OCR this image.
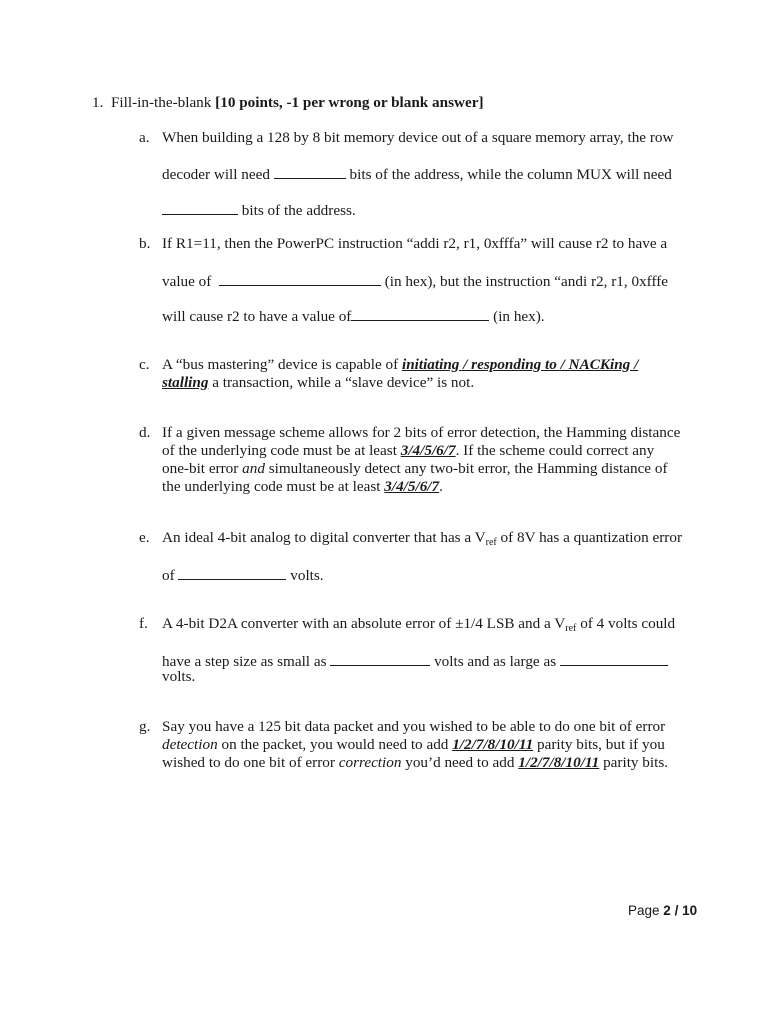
1. Fill-in-the-blank [10 points, -1 per wrong or blank answer]
a. When building a 128 by 8 bit memory device out of a square memory array, the row
decoder will need	bits of the address, while the column MUX will need
bits of the address.
b. If R1=11, then the PowerPC instruction “addi r2, r1, 0xfffa” will cause r2 to have a
value of	(in hex), but the instruction “andi r2, r1, 0xfffe
will cause r2 to have a value of	(in hex).
c. A “bus mastering” device is capable of initiating / responding to / NACKing /
stalling a transaction, while a “slave device” is not.
d. If a given message scheme allows for 2 bits of error detection, the Hamming distance
of the underlying code must be at least 3/4/5/6/7. If the scheme could correct any
one-bit error and simultaneously detect any two-bit error, the Hamming distance of
the underlying code must be at least 3/4/5/6/7.
e. An ideal 4-bit analog to digital converter that has a $V_{ref}$ of 8V has a quantization error
of	volts.
f. A 4-bit D2A converter with an absolute error of ±1/4 LSB and a $V_{ref}$ of 4 volts could
have a step size as small as	volts and as large as
volts.
g. Say you have a 125 bit data packet and you wished to be able to do one bit of error
detection on the packet, you would need to add 1/2/7/8/10/11 parity bits, but if you
wished to do one bit of error correction you’d need to add 1/2/7/8/10/11 parity bits.
Page 2 / 10
